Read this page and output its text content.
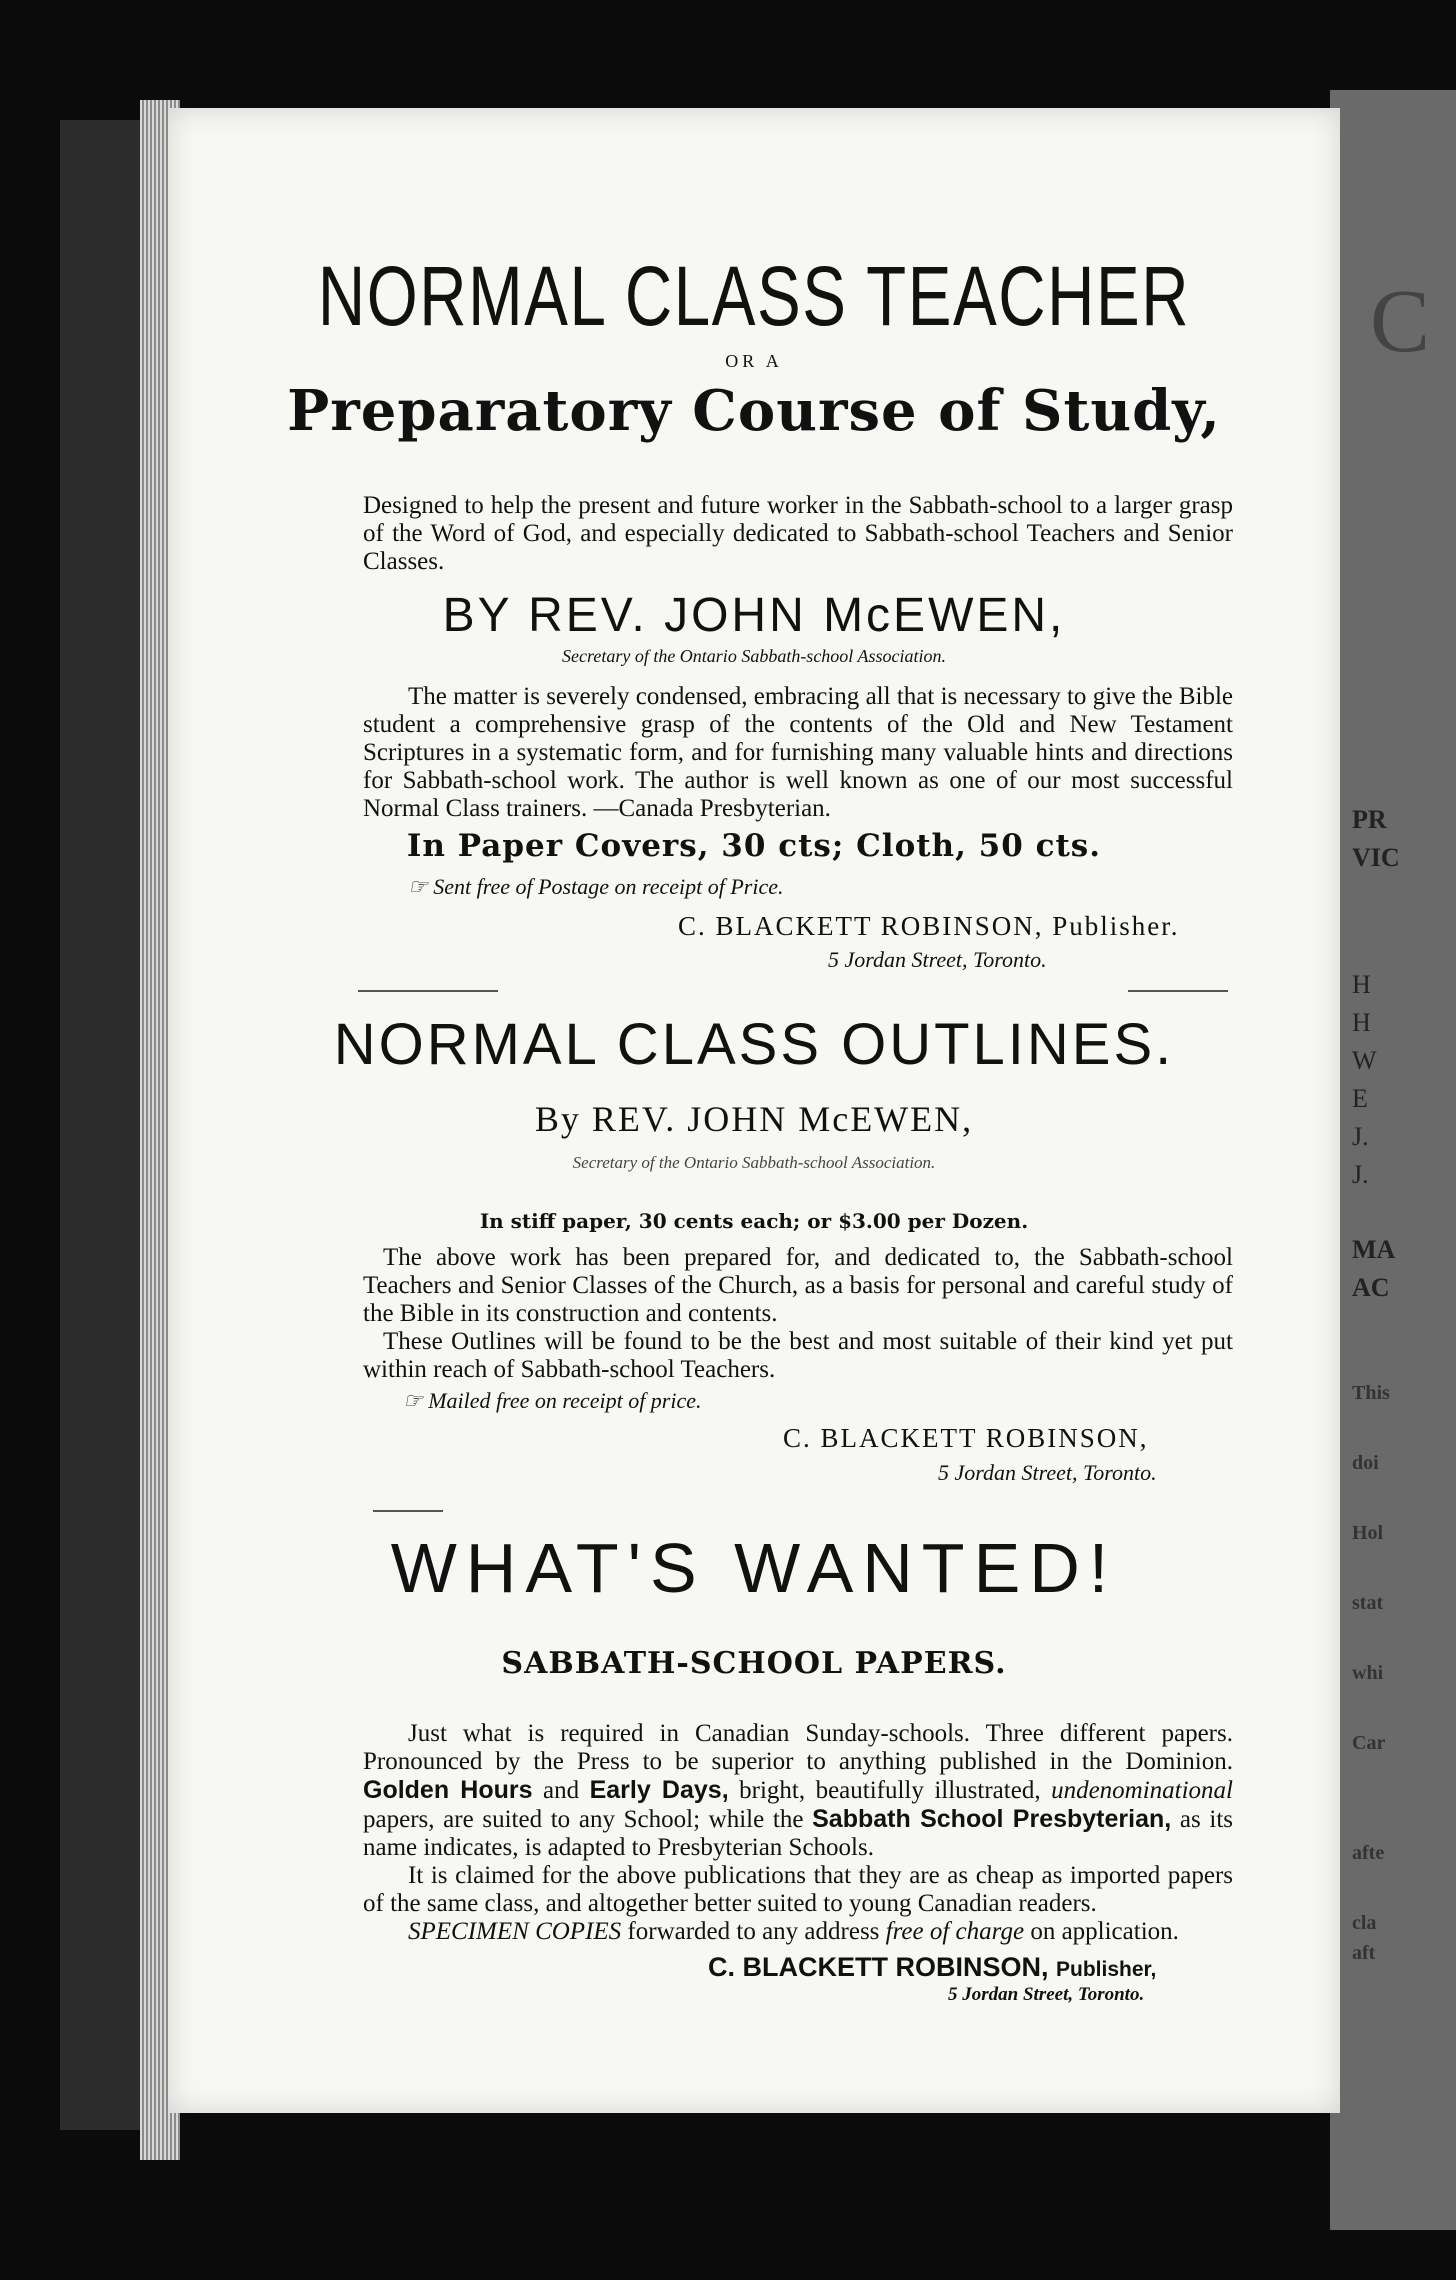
C
PR
VIC
H
H
W
E
J.
J.
MA
AC
This
doi
Hol
stat
whi
Car
afte
cla
aft
NORMAL CLASS TEACHER
OR A
Preparatory Course of Study,
Designed to help the present and future worker in the Sabbath-school to a larger grasp of the Word of God, and especially dedicated to Sabbath-school Teachers and Senior Classes.
BY REV. JOHN McEWEN,
Secretary of the Ontario Sabbath-school Association.
The matter is severely condensed, embracing all that is necessary to give the Bible student a comprehensive grasp of the contents of the Old and New Testament Scriptures in a systematic form, and for furnishing many valuable hints and directions for Sabbath-school work. The author is well known as one of our most successful Normal Class trainers. —Canada Presbyterian.
In Paper Covers, 30 cts; Cloth, 50 cts.
☞ Sent free of Postage on receipt of Price.
C. BLACKETT ROBINSON, Publisher.
5 Jordan Street, Toronto.
NORMAL CLASS OUTLINES.
By REV. JOHN McEWEN,
Secretary of the Ontario Sabbath-school Association.
In stiff paper, 30 cents each; or $3.00 per Dozen.
The above work has been prepared for, and dedicated to, the Sabbath-school Teachers and Senior Classes of the Church, as a basis for personal and careful study of the Bible in its construction and contents.
These Outlines will be found to be the best and most suitable of their kind yet put within reach of Sabbath-school Teachers.
☞ Mailed free on receipt of price.
C. BLACKETT ROBINSON,
5 Jordan Street, Toronto.
WHAT'S WANTED!
SABBATH-SCHOOL PAPERS.
Just what is required in Canadian Sunday-schools. Three different papers. Pronounced by the Press to be superior to anything published in the Dominion. Golden Hours and Early Days, bright, beautifully illustrated, undenominational papers, are suited to any School; while the Sabbath School Presbyterian, as its name indicates, is adapted to Presbyterian Schools.
It is claimed for the above publications that they are as cheap as imported papers of the same class, and altogether better suited to young Canadian readers.
SPECIMEN COPIES forwarded to any address free of charge on application.
C. BLACKETT ROBINSON, Publisher,
5 Jordan Street, Toronto.
